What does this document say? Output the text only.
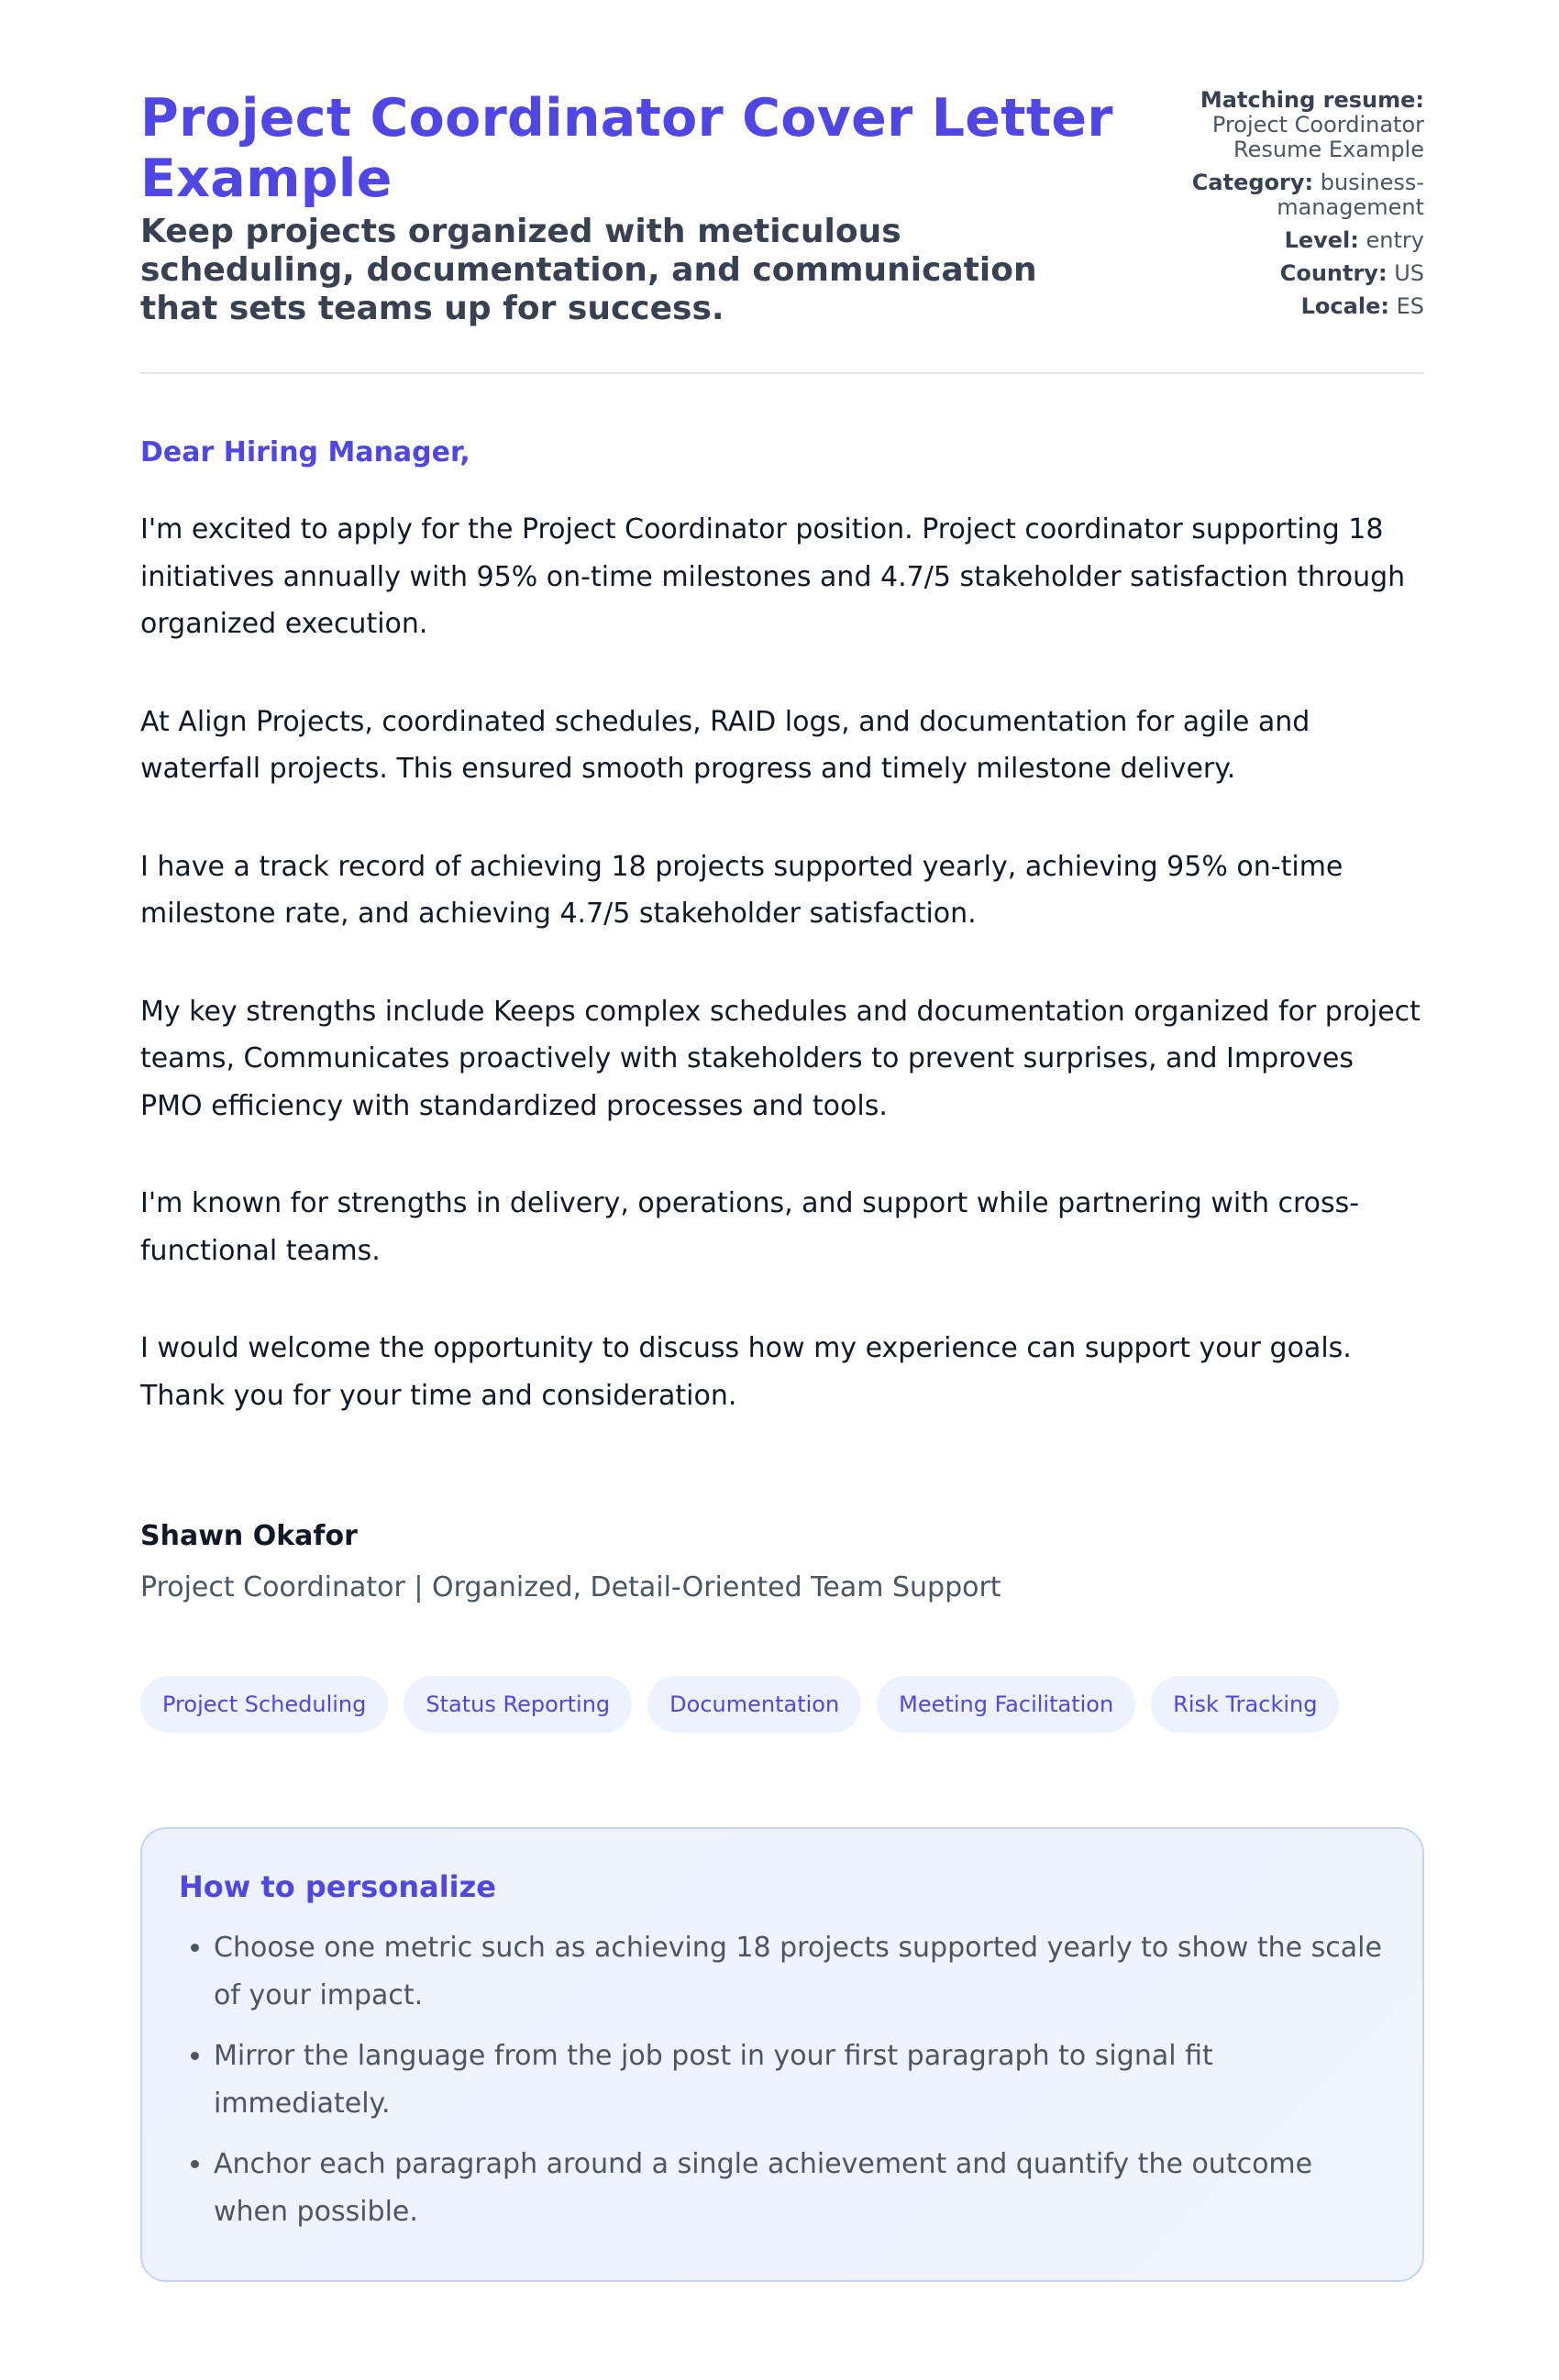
Project Coordinator Cover Letter Example
Keep projects organized with meticulous scheduling, documentation, and communication that sets teams up for success.
Matching resume:
Project Coordinator Resume Example
Category: business-management
Level: entry
Country: US
Locale: ES
Dear Hiring Manager,

I'm excited to apply for the Project Coordinator position. Project coordinator supporting 18 initiatives annually with 95% on-time milestones and 4.7/5 stakeholder satisfaction through organized execution.

At Align Projects, coordinated schedules, RAID logs, and documentation for agile and waterfall projects. This ensured smooth progress and timely milestone delivery.

I have a track record of achieving 18 projects supported yearly, achieving 95% on-time milestone rate, and achieving 4.7/5 stakeholder satisfaction.

My key strengths include Keeps complex schedules and documentation organized for project teams, Communicates proactively with stakeholders to prevent surprises, and Improves PMO efficiency with standardized processes and tools.

I'm known for strengths in delivery, operations, and support while partnering with cross-functional teams.

I would welcome the opportunity to discuss how my experience can support your goals. Thank you for your time and consideration.

Shawn Okafor
Project Coordinator | Organized, Detail-Oriented Team Support
Project Scheduling	Status Reporting	Documentation	Meeting Facilitation	Risk Tracking
How to personalize
• Choose one metric such as achieving 18 projects supported yearly to show the scale of your impact.
• Mirror the language from the job post in your first paragraph to signal fit immediately.
• Anchor each paragraph around a single achievement and quantify the outcome when possible.
